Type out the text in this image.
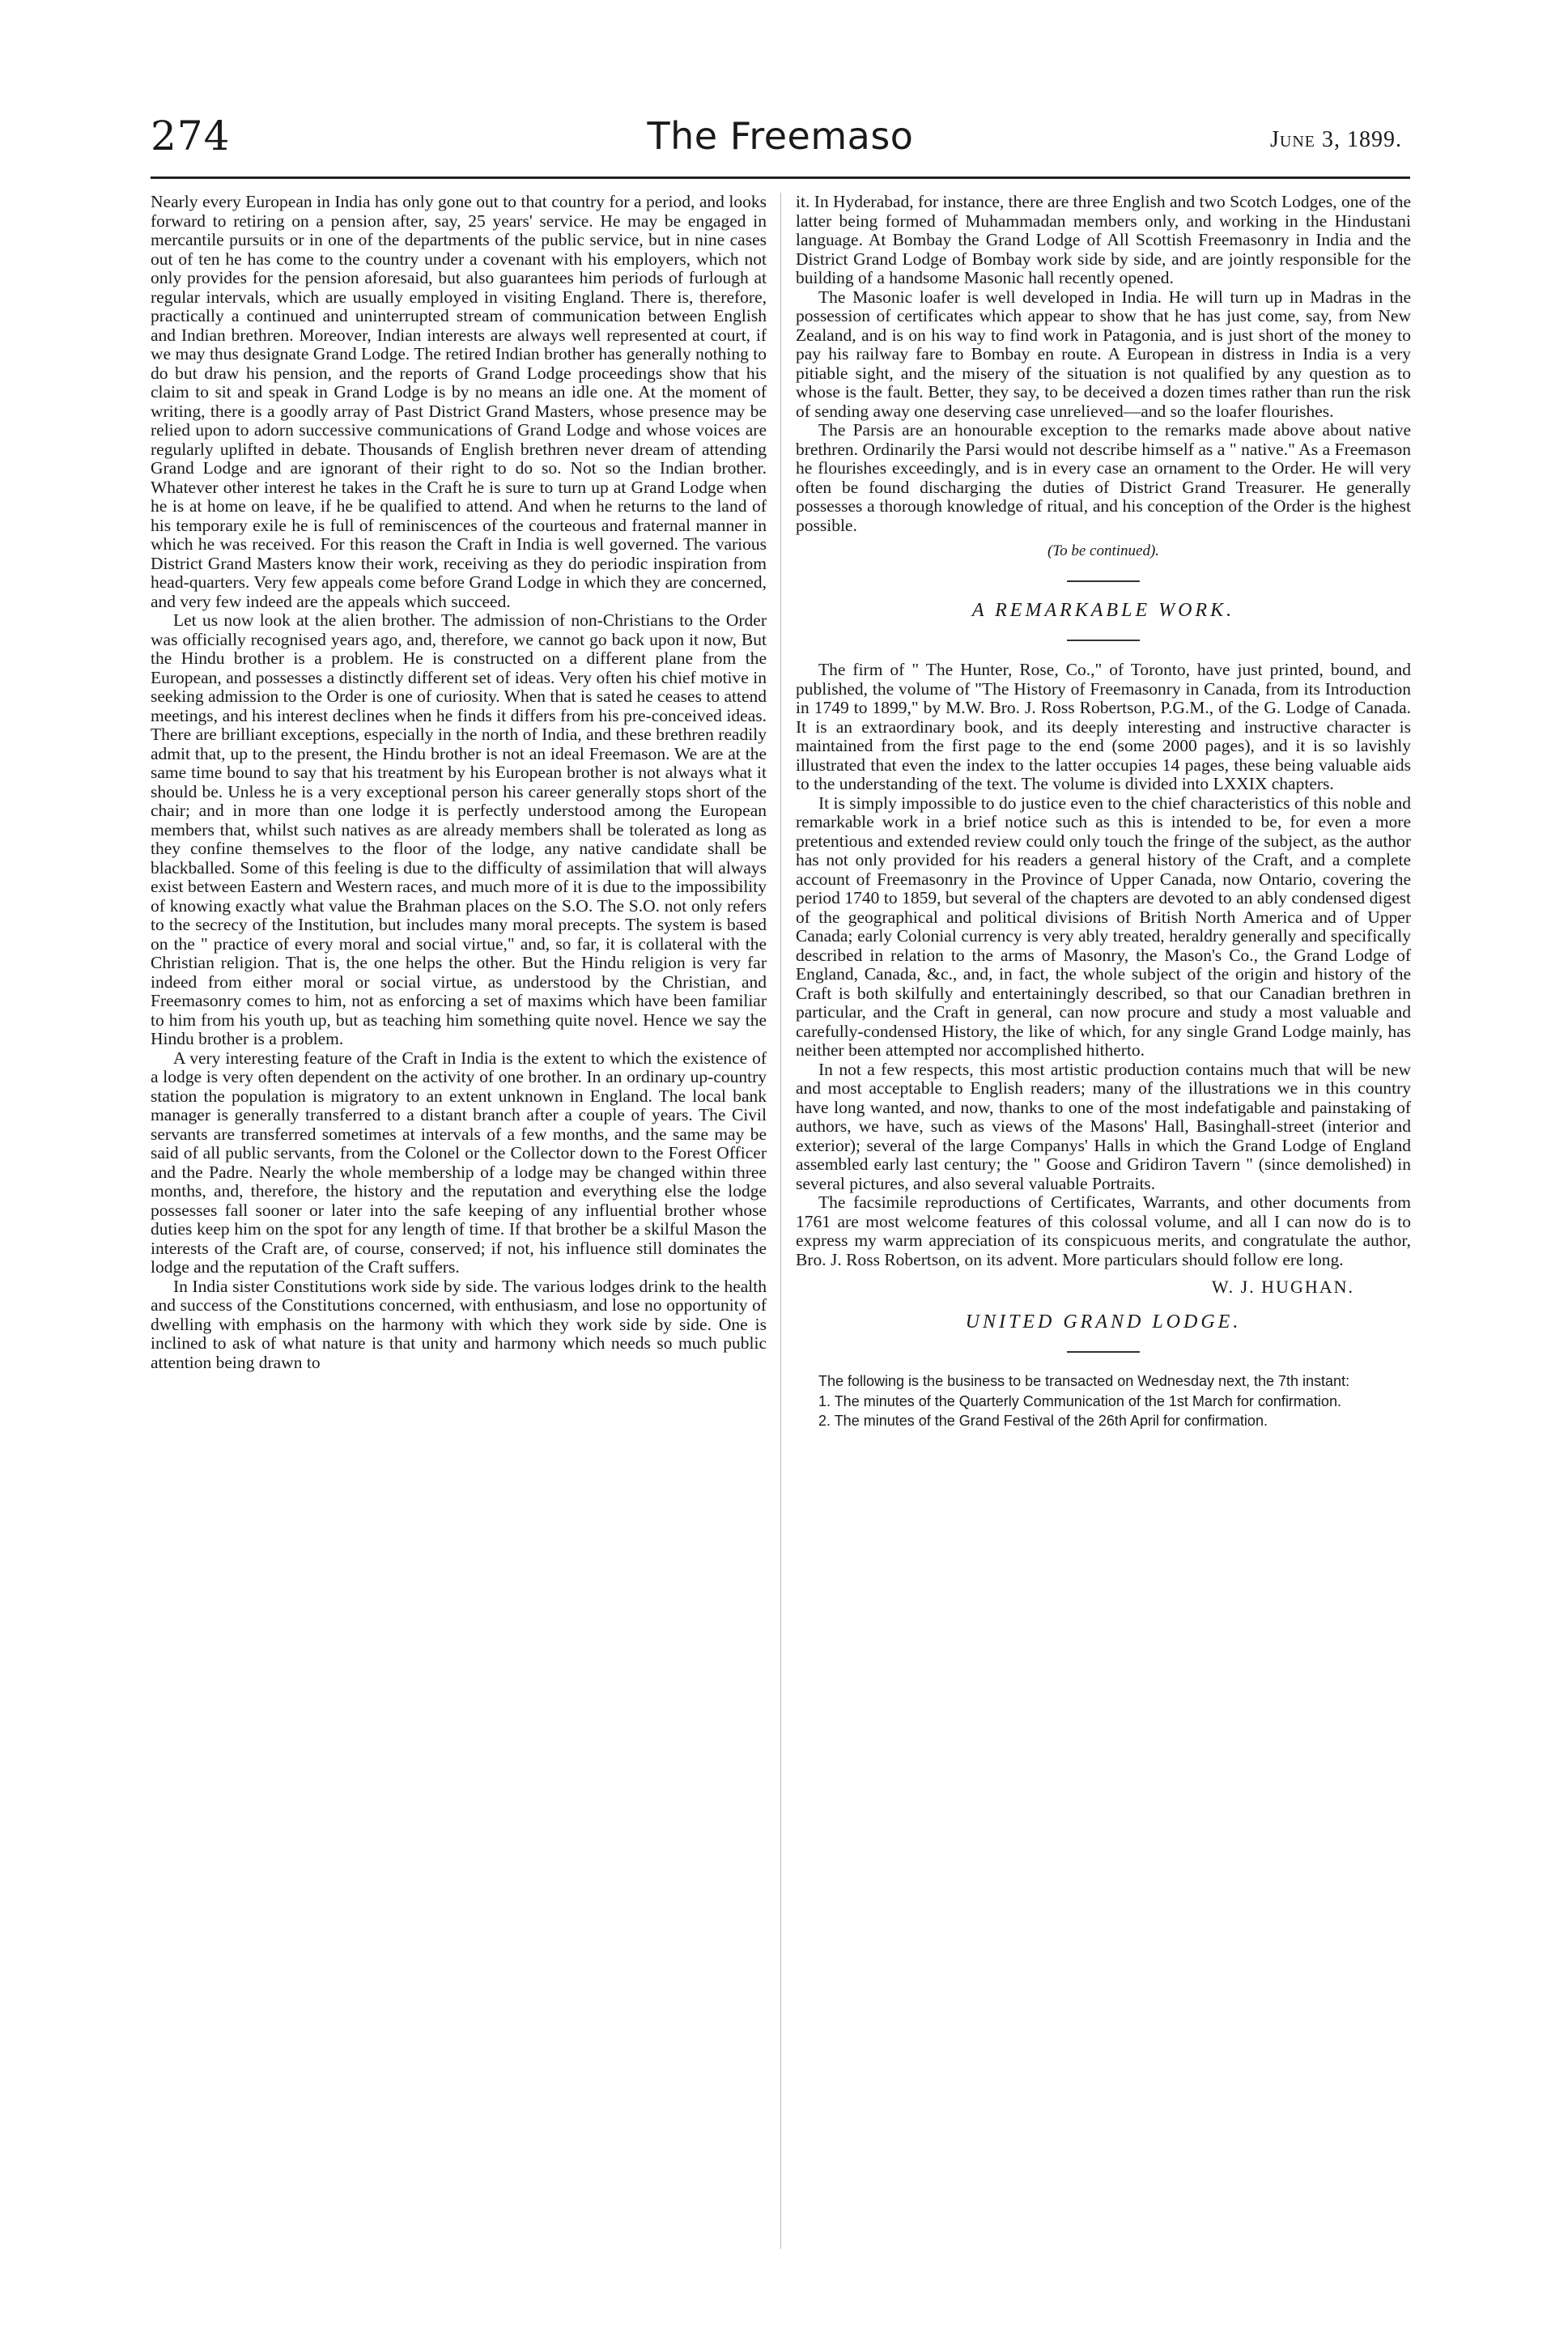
274	The Freemaso	June 3, 1899.

Nearly every European in India has only gone out to that country for a period, and looks forward to retiring on a pension after, say, 25 years' service. He may be engaged in mercantile pursuits or in one of the departments of the public service, but in nine cases out of ten he has come to the country under a covenant with his employers, which not only provides for the pension aforesaid, but also guarantees him periods of furlough at regular intervals, which are usually employed in visiting England. There is, therefore, practically a continued and uninterrupted stream of communication between English and Indian brethren. Moreover, Indian interests are always well represented at court, if we may thus designate Grand Lodge. The retired Indian brother has generally nothing to do but draw his pension, and the reports of Grand Lodge proceedings show that his claim to sit and speak in Grand Lodge is by no means an idle one. At the moment of writing, there is a goodly array of Past District Grand Masters, whose presence may be relied upon to adorn successive communications of Grand Lodge and whose voices are regularly uplifted in debate. Thousands of English brethren never dream of attending Grand Lodge and are ignorant of their right to do so. Not so the Indian brother. Whatever other interest he takes in the Craft he is sure to turn up at Grand Lodge when he is at home on leave, if he be qualified to attend. And when he returns to the land of his temporary exile he is full of reminiscences of the courteous and fraternal manner in which he was received. For this reason the Craft in India is well governed. The various District Grand Masters know their work, receiving as they do periodic inspiration from head-quarters. Very few appeals come before Grand Lodge in which they are concerned, and very few indeed are the appeals which succeed.

Let us now look at the alien brother. The admission of non-Christians to the Order was officially recognised years ago, and, therefore, we cannot go back upon it now, But the Hindu brother is a problem. He is constructed on a different plane from the European, and possesses a distinctly different set of ideas. Very often his chief motive in seeking admission to the Order is one of curiosity. When that is sated he ceases to attend meetings, and his interest declines when he finds it differs from his pre-conceived ideas. There are brilliant exceptions, especially in the north of India, and these brethren readily admit that, up to the present, the Hindu brother is not an ideal Freemason. We are at the same time bound to say that his treatment by his European brother is not always what it should be. Unless he is a very exceptional person his career generally stops short of the chair; and in more than one lodge it is perfectly understood among the European members that, whilst such natives as are already members shall be tolerated as long as they confine themselves to the floor of the lodge, any native candidate shall be blackballed. Some of this feeling is due to the difficulty of assimilation that will always exist between Eastern and Western races, and much more of it is due to the impossibility of knowing exactly what value the Brahman places on the S.O. The S.O. not only refers to the secrecy of the Institution, but includes many moral precepts. The system is based on the " practice of every moral and social virtue," and, so far, it is collateral with the Christian religion. That is, the one helps the other. But the Hindu religion is very far indeed from either moral or social virtue, as understood by the Christian, and Freemasonry comes to him, not as enforcing a set of maxims which have been familiar to him from his youth up, but as teaching him something quite novel. Hence we say the Hindu brother is a problem.

A very interesting feature of the Craft in India is the extent to which the existence of a lodge is very often dependent on the activity of one brother. In an ordinary up-country station the population is migratory to an extent unknown in England. The local bank manager is generally transferred to a distant branch after a couple of years. The Civil servants are transferred sometimes at intervals of a few months, and the same may be said of all public servants, from the Colonel or the Collector down to the Forest Officer and the Padre. Nearly the whole membership of a lodge may be changed within three months, and, therefore, the history and the reputation and everything else the lodge possesses fall sooner or later into the safe keeping of any influential brother whose duties keep him on the spot for any length of time. If that brother be a skilful Mason the interests of the Craft are, of course, conserved; if not, his influence still dominates the lodge and the reputation of the Craft suffers.

In India sister Constitutions work side by side. The various lodges drink to the health and success of the Constitutions concerned, with enthusiasm, and lose no opportunity of dwelling with emphasis on the harmony with which they work side by side. One is inclined to ask of what nature is that unity and harmony which needs so much public attention being drawn to

it. In Hyderabad, for instance, there are three English and two Scotch Lodges, one of the latter being formed of Muhammadan members only, and working in the Hindustani language. At Bombay the Grand Lodge of All Scottish Freemasonry in India and the District Grand Lodge of Bombay work side by side, and are jointly responsible for the building of a handsome Masonic hall recently opened.

The Masonic loafer is well developed in India. He will turn up in Madras in the possession of certificates which appear to show that he has just come, say, from New Zealand, and is on his way to find work in Patagonia, and is just short of the money to pay his railway fare to Bombay en route. A European in distress in India is a very pitiable sight, and the misery of the situation is not qualified by any question as to whose is the fault. Better, they say, to be deceived a dozen times rather than run the risk of sending away one deserving case unrelieved—and so the loafer flourishes.

The Parsis are an honourable exception to the remarks made above about native brethren. Ordinarily the Parsi would not describe himself as a " native." As a Freemason he flourishes exceedingly, and is in every case an ornament to the Order. He will very often be found discharging the duties of District Grand Treasurer. He generally possesses a thorough knowledge of ritual, and his conception of the Order is the highest possible.

(To be continued).
A REMARKABLE WORK.

The firm of " The Hunter, Rose, Co.," of Toronto, have just printed, bound, and published, the volume of "The History of Freemasonry in Canada, from its Introduction in 1749 to 1899," by M.W. Bro. J. Ross Robertson, P.G.M., of the G. Lodge of Canada. It is an extraordinary book, and its deeply interesting and instructive character is maintained from the first page to the end (some 2000 pages), and it is so lavishly illustrated that even the index to the latter occupies 14 pages, these being valuable aids to the understanding of the text. The volume is divided into LXXIX chapters.

It is simply impossible to do justice even to the chief characteristics of this noble and remarkable work in a brief notice such as this is intended to be, for even a more pretentious and extended review could only touch the fringe of the subject, as the author has not only provided for his readers a general history of the Craft, and a complete account of Freemasonry in the Province of Upper Canada, now Ontario, covering the period 1740 to 1859, but several of the chapters are devoted to an ably condensed digest of the geographical and political divisions of British North America and of Upper Canada; early Colonial currency is very ably treated, heraldry generally and specifically described in relation to the arms of Masonry, the Mason's Co., the Grand Lodge of England, Canada, &c., and, in fact, the whole subject of the origin and history of the Craft is both skilfully and entertainingly described, so that our Canadian brethren in particular, and the Craft in general, can now procure and study a most valuable and carefully-condensed History, the like of which, for any single Grand Lodge mainly, has neither been attempted nor accomplished hitherto.

In not a few respects, this most artistic production contains much that will be new and most acceptable to English readers; many of the illustrations we in this country have long wanted, and now, thanks to one of the most indefatigable and painstaking of authors, we have, such as views of the Masons' Hall, Basinghall-street (interior and exterior); several of the large Companys' Halls in which the Grand Lodge of England assembled early last century; the " Goose and Gridiron Tavern " (since demolished) in several pictures, and also several valuable Portraits.

The facsimile reproductions of Certificates, Warrants, and other documents from 1761 are most welcome features of this colossal volume, and all I can now do is to express my warm appreciation of its conspicuous merits, and congratulate the author, Bro. J. Ross Robertson, on its advent. More particulars should follow ere long.

W. J. HUGHAN.
UNITED GRAND LODGE.

The following is the business to be transacted on Wednesday next, the 7th instant:

1. The minutes of the Quarterly Communication of the 1st March for confirmation.

2. The minutes of the Grand Festival of the 26th April for confirmation.
